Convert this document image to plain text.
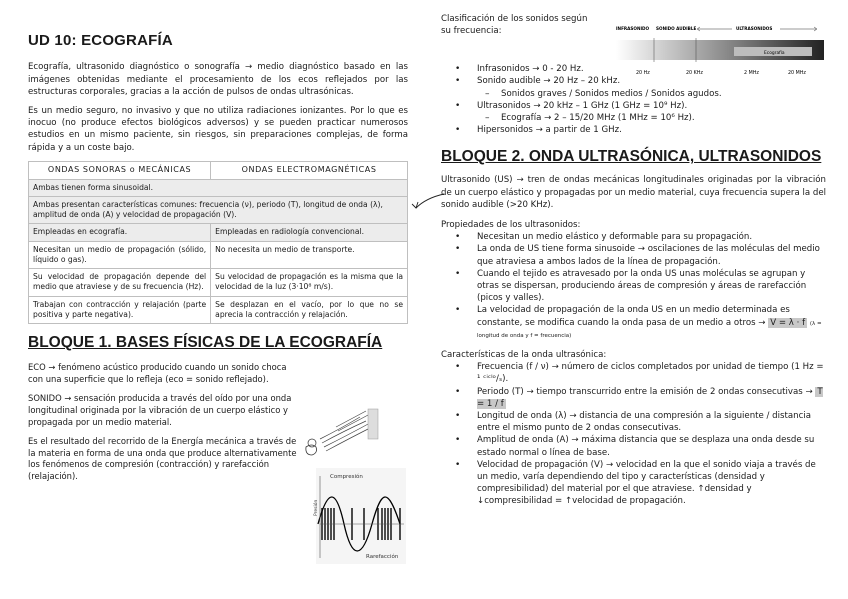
UD 10: ECOGRAFÍA

Ecografía, ultrasonido diagnóstico o sonografía → medio diagnóstico basado en las imágenes obtenidas mediante el procesamiento de los ecos reflejados por las estructuras corporales, gracias a la acción de pulsos de ondas ultrasónicas.

Es un medio seguro, no invasivo y que no utiliza radiaciones ionizantes. Por lo que es inocuo (no produce efectos biológicos adversos) y se pueden practicar numerosos estudios en un mismo paciente, sin riesgos, sin preparaciones complejas, de forma rápida y a un coste bajo.

ONDAS SONORAS o MECÁNICAS	ONDAS ELECTROMAGNÉTICAS
Ambas tienen forma sinusoidal.	
Ambas presentan características comunes: frecuencia (ν), periodo (T), longitud de onda (λ), amplitud de onda (A) y velocidad de propagación (V).	
Empleadas en ecografía.	Empleadas en radiología convencional.
Necesitan un medio de propagación (sólido, líquido o gas).	No necesita un medio de transporte.
Su velocidad de propagación depende del medio que atraviese y de su frecuencia (Hz).	Su velocidad de propagación es la misma que la velocidad de la luz (3·10⁸ m/s).
Trabajan con contracción y relajación (parte positiva y parte negativa).	Se desplazan en el vacío, por lo que no se aprecia la contracción y relajación.
BLOQUE 1. BASES FÍSICAS DE LA ECOGRAFÍA

ECO → fenómeno acústico producido cuando un sonido choca con una superficie que lo refleja (eco = sonido reflejado).

SONIDO → sensación producida a través del oído por una onda longitudinal originada por la vibración de un cuerpo elástico y propagada por un medio material.

Es el resultado del recorrido de la Energía mecánica a través de la materia en forma de una onda que produce alternativamente los fenómenos de compresión (contracción) y rarefacción (relajación).	Compresión
Rarefacción
Presión
Clasificación de los sonidos según su frecuencia:	INFRASONIDO SONIDO AUDIBLE	ULTRASONIDOS
Ecografía
20 Hz	20 KHz	2 MHz	20 MHz
• Infrasonidos → 0 - 20 Hz.
• Sonido audible → 20 Hz – 20 kHz.
– Sonidos graves / Sonidos medios / Sonidos agudos.
• Ultrasonidos → 20 kHz – 1 GHz (1 GHz = 10⁹ Hz).
– Ecografía → 2 – 15/20 MHz (1 MHz = 10⁶ Hz).
• Hipersonidos → a partir de 1 GHz.
BLOQUE 2. ONDA ULTRASÓNICA, ULTRASONIDOS

Ultrasonido (US) → tren de ondas mecánicas longitudinales originadas por la vibración de un cuerpo elástico y propagadas por un medio material, cuya frecuencia supera la del sonido audible (>20 KHz).

Propiedades de los ultrasonidos:
• Necesitan un medio elástico y deformable para su propagación.
• La onda de US tiene forma sinusoide → oscilaciones de las moléculas del medio que atraviesa a ambos lados de la línea de propagación.
• Cuando el tejido es atravesado por la onda US unas moléculas se agrupan y otras se dispersan, produciendo áreas de compresión y áreas de rarefacción (picos y valles).
• La velocidad de propagación de la onda US en un medio determinada es constante, se modifica cuando la onda pasa de un medio a otros → V = λ · f (λ = longitud de onda y f = frecuencia)
Características de la onda ultrasónica:
• Frecuencia (f / ν) → número de ciclos completados por unidad de tiempo (1 Hz = ¹ ᶜⁱᶜˡᵒ/ₛ).
• Periodo (T) → tiempo transcurrido entre la emisión de 2 ondas consecutivas → T = 1 / f
• Longitud de onda (λ) → distancia de una compresión a la siguiente / distancia entre el mismo punto de 2 ondas consecutivas.
• Amplitud de onda (A) → máxima distancia que se desplaza una onda desde su estado normal o línea de base.
• Velocidad de propagación (V) → velocidad en la que el sonido viaja a través de un medio, varía dependiendo del tipo y características (densidad y compresibilidad) del material por el que atraviese. ↑densidad y ↓compresibilidad = ↑velocidad de propagación.
